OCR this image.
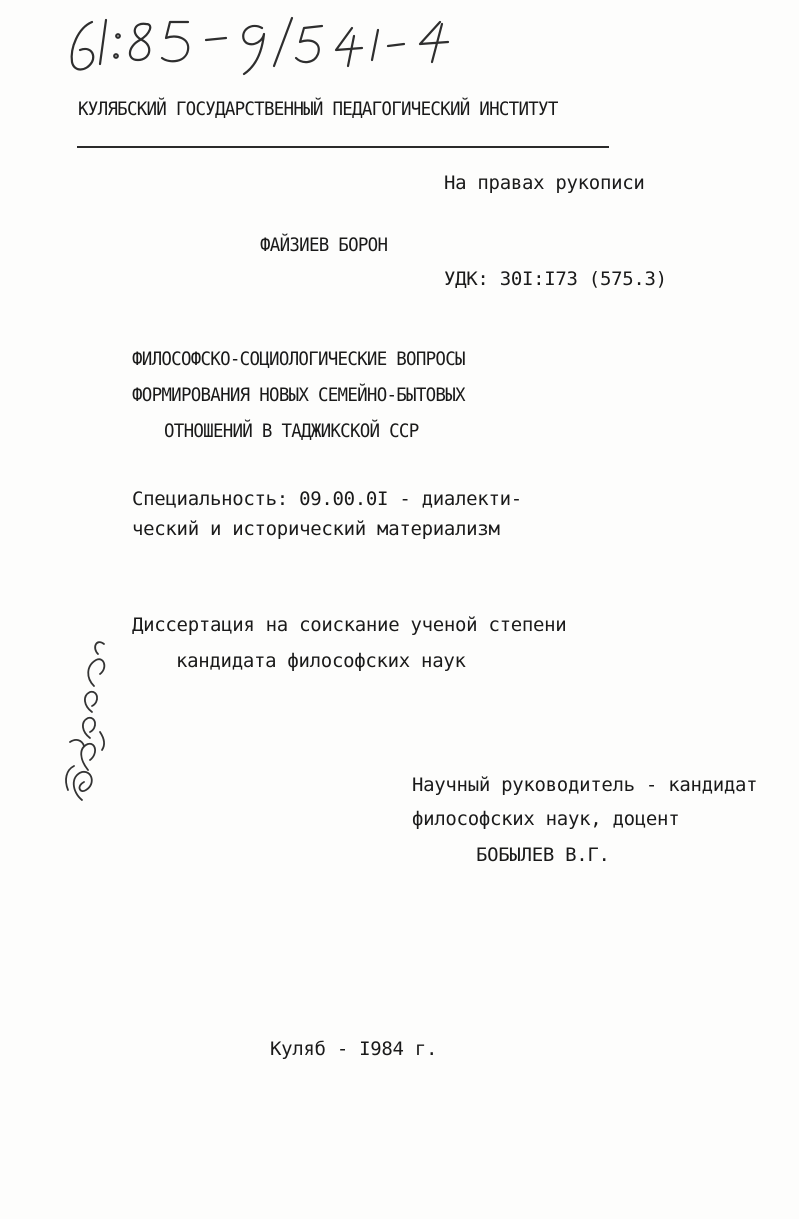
КУЛЯБСКИЙ ГОСУДАРСТВЕННЫЙ ПЕДАГОГИЧЕСКИЙ ИНСТИТУТ
На правах рукописи
ФАЙЗИЕВ БОРОН
УДК: 30I:I73 (575.3)
ФИЛОСОФСКО-СОЦИОЛОГИЧЕСКИЕ ВОПРОСЫ
ФОРМИРОВАНИЯ НОВЫХ СЕМЕЙНО-БЫТОВЫХ
ОТНОШЕНИЙ В ТАДЖИКСКОЙ ССР
Специальность: 09.00.0I - диалекти-
ческий и исторический материализм
Диссертация на соискание ученой степени
кандидата философских наук
Научный руководитель - кандидат
философских наук, доцент
БОБЫЛЕВ В.Г.
Куляб - I984 г.
